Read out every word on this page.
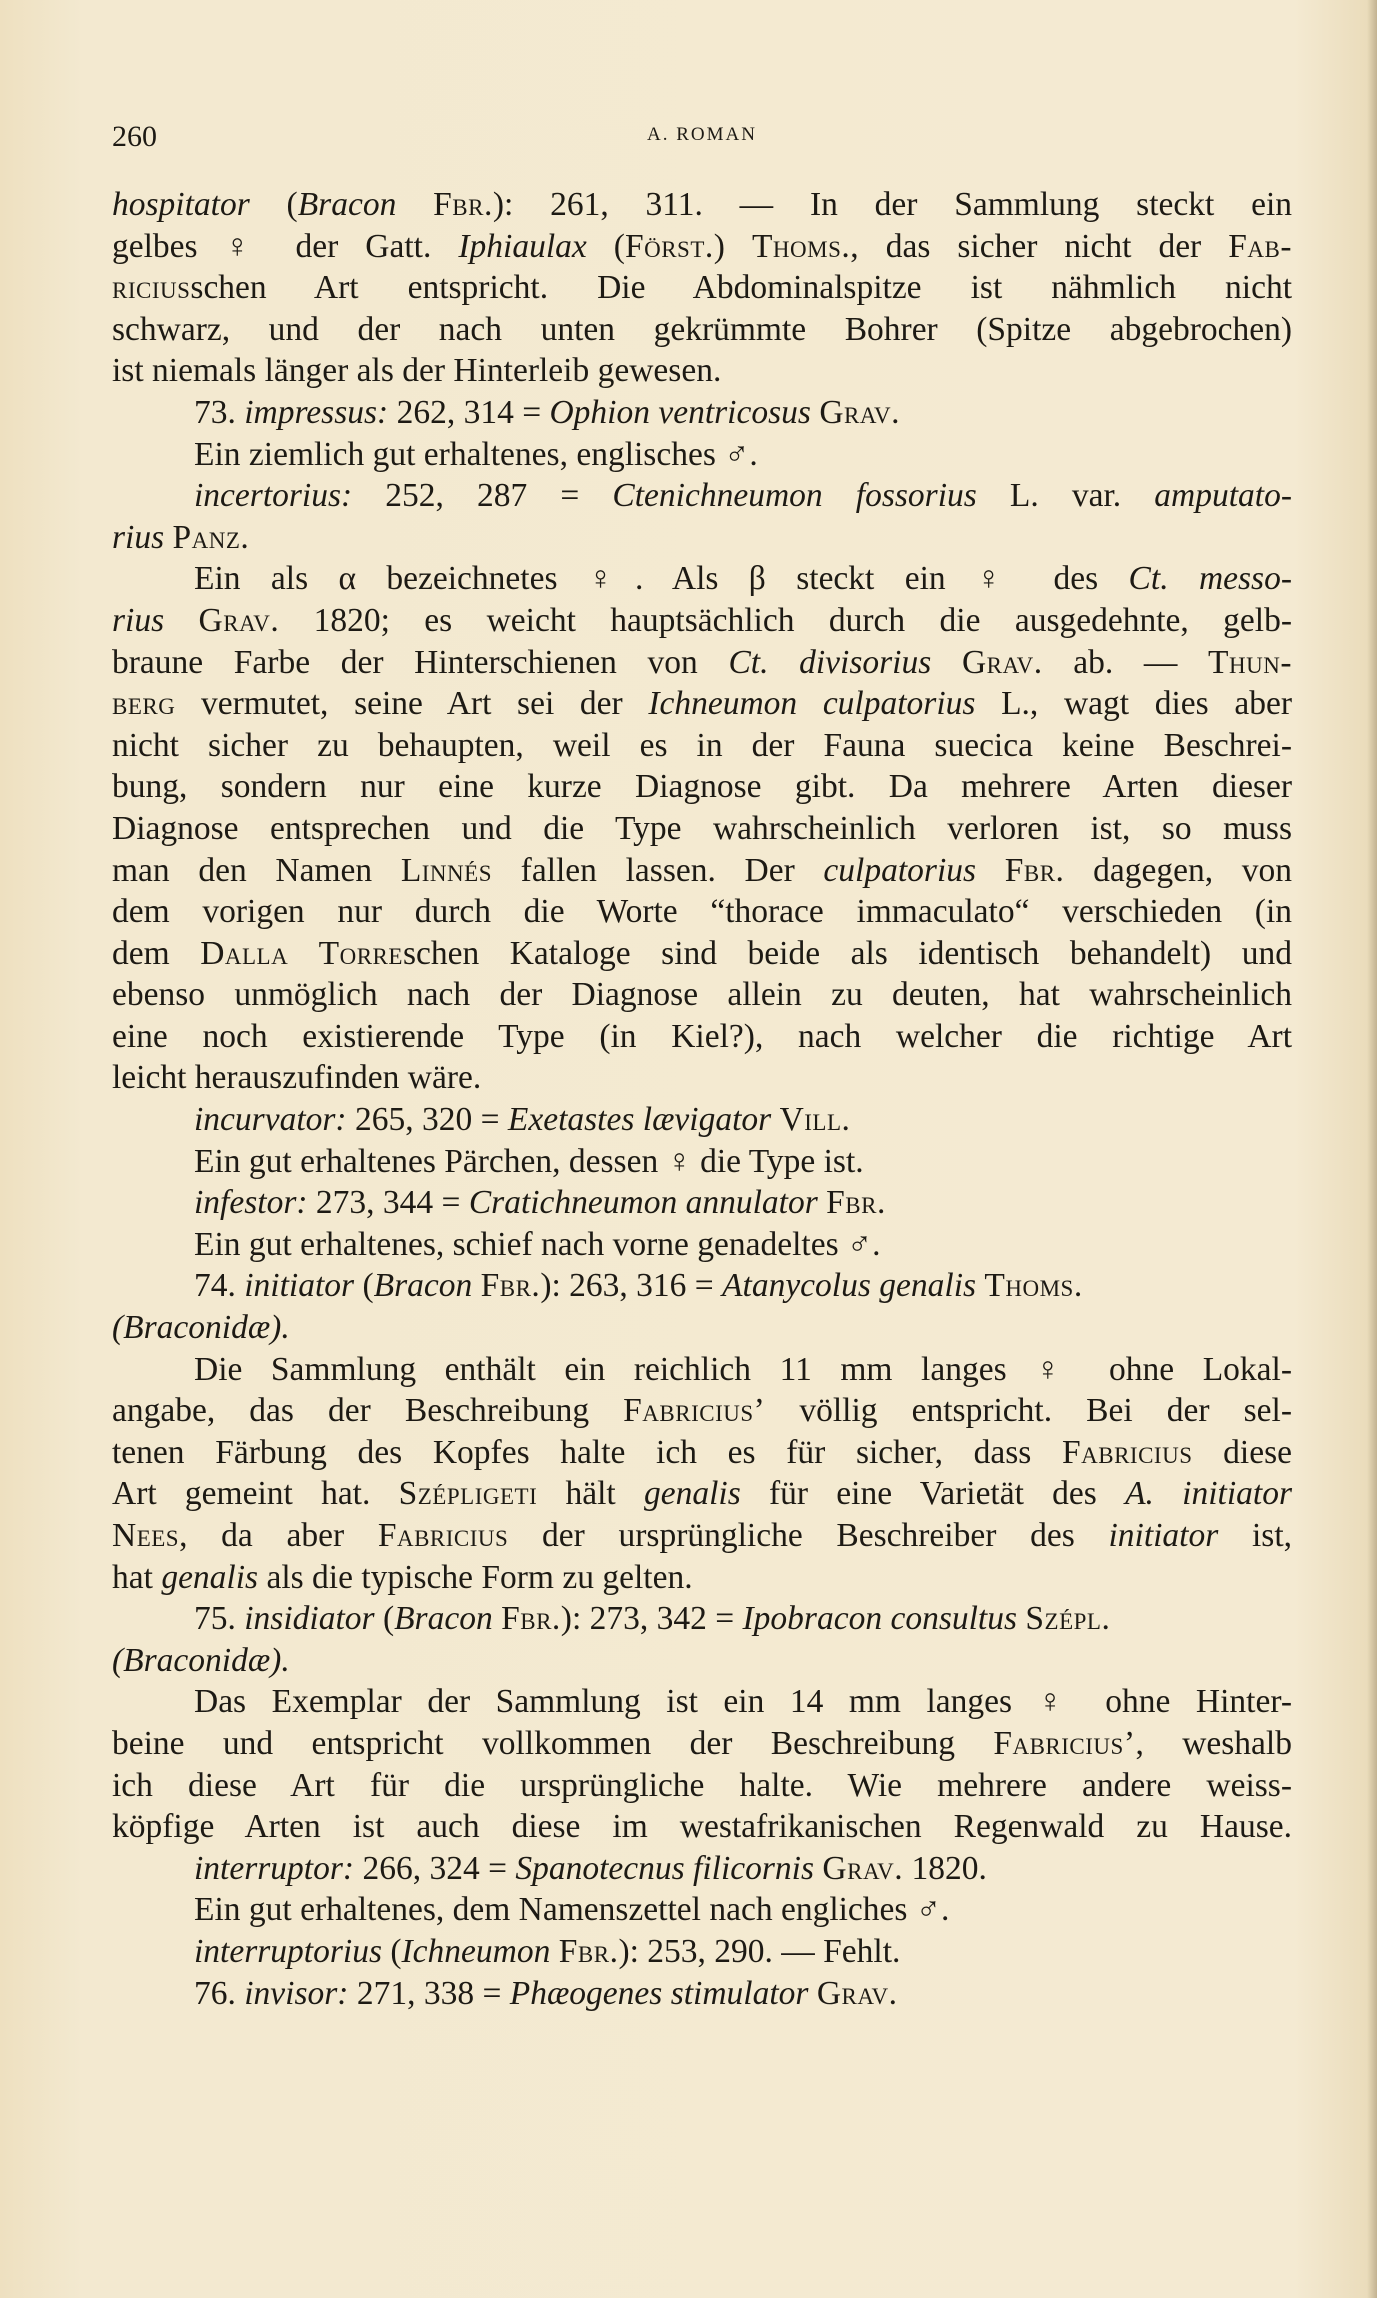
260	A. ROMAN
hospitator (Bracon Fbr.): 261, 311. — In der Sammlung steckt ein
gelbes ♀ der Gatt. Iphiaulax (Först.) Thoms., das sicher nicht der Fab-
riciusschen Art entspricht. Die Abdominalspitze ist nähmlich nicht
schwarz, und der nach unten gekrümmte Bohrer (Spitze abgebrochen)
ist niemals länger als der Hinterleib gewesen.
73. impressus: 262, 314 = Ophion ventricosus Grav.
Ein ziemlich gut erhaltenes, englisches ♂.
incertorius: 252, 287 = Ctenichneumon fossorius L. var. amputato-
rius Panz.
Ein als α bezeichnetes ♀. Als β steckt ein ♀ des Ct. messo-
rius Grav. 1820; es weicht hauptsächlich durch die ausgedehnte, gelb-
braune Farbe der Hinterschienen von Ct. divisorius Grav. ab. — Thun-
berg vermutet, seine Art sei der Ichneumon culpatorius L., wagt dies aber
nicht sicher zu behaupten, weil es in der Fauna suecica keine Beschrei-
bung, sondern nur eine kurze Diagnose gibt. Da mehrere Arten dieser
Diagnose entsprechen und die Type wahrscheinlich verloren ist, so muss
man den Namen Linnés fallen lassen. Der culpatorius Fbr. dagegen, von
dem vorigen nur durch die Worte “thorace immaculato“ verschieden (in
dem Dalla Torreschen Kataloge sind beide als identisch behandelt) und
ebenso unmöglich nach der Diagnose allein zu deuten, hat wahrscheinlich
eine noch existierende Type (in Kiel?), nach welcher die richtige Art
leicht herauszufinden wäre.
incurvator: 265, 320 = Exetastes lævigator Vill.
Ein gut erhaltenes Pärchen, dessen ♀ die Type ist.
infestor: 273, 344 = Cratichneumon annulator Fbr.
Ein gut erhaltenes, schief nach vorne genadeltes ♂.
74. initiator (Bracon Fbr.): 263, 316 = Atanycolus genalis Thoms.
(Braconidæ).
Die Sammlung enthält ein reichlich 11 mm langes ♀ ohne Lokal-
angabe, das der Beschreibung Fabricius’ völlig entspricht. Bei der sel-
tenen Färbung des Kopfes halte ich es für sicher, dass Fabricius diese
Art gemeint hat. Szépligeti hält genalis für eine Varietät des A. initiator
Nees, da aber Fabricius der ursprüngliche Beschreiber des initiator ist,
hat genalis als die typische Form zu gelten.
75. insidiator (Bracon Fbr.): 273, 342 = Ipobracon consultus Szépl.
(Braconidæ).
Das Exemplar der Sammlung ist ein 14 mm langes ♀ ohne Hinter-
beine und entspricht vollkommen der Beschreibung Fabricius’, weshalb
ich diese Art für die ursprüngliche halte. Wie mehrere andere weiss-
köpfige Arten ist auch diese im westafrikanischen Regenwald zu Hause.
interruptor: 266, 324 = Spanotecnus filicornis Grav. 1820.
Ein gut erhaltenes, dem Namenszettel nach engliches ♂.
interruptorius (Ichneumon Fbr.): 253, 290. — Fehlt.
76. invisor: 271, 338 = Phæogenes stimulator Grav.
